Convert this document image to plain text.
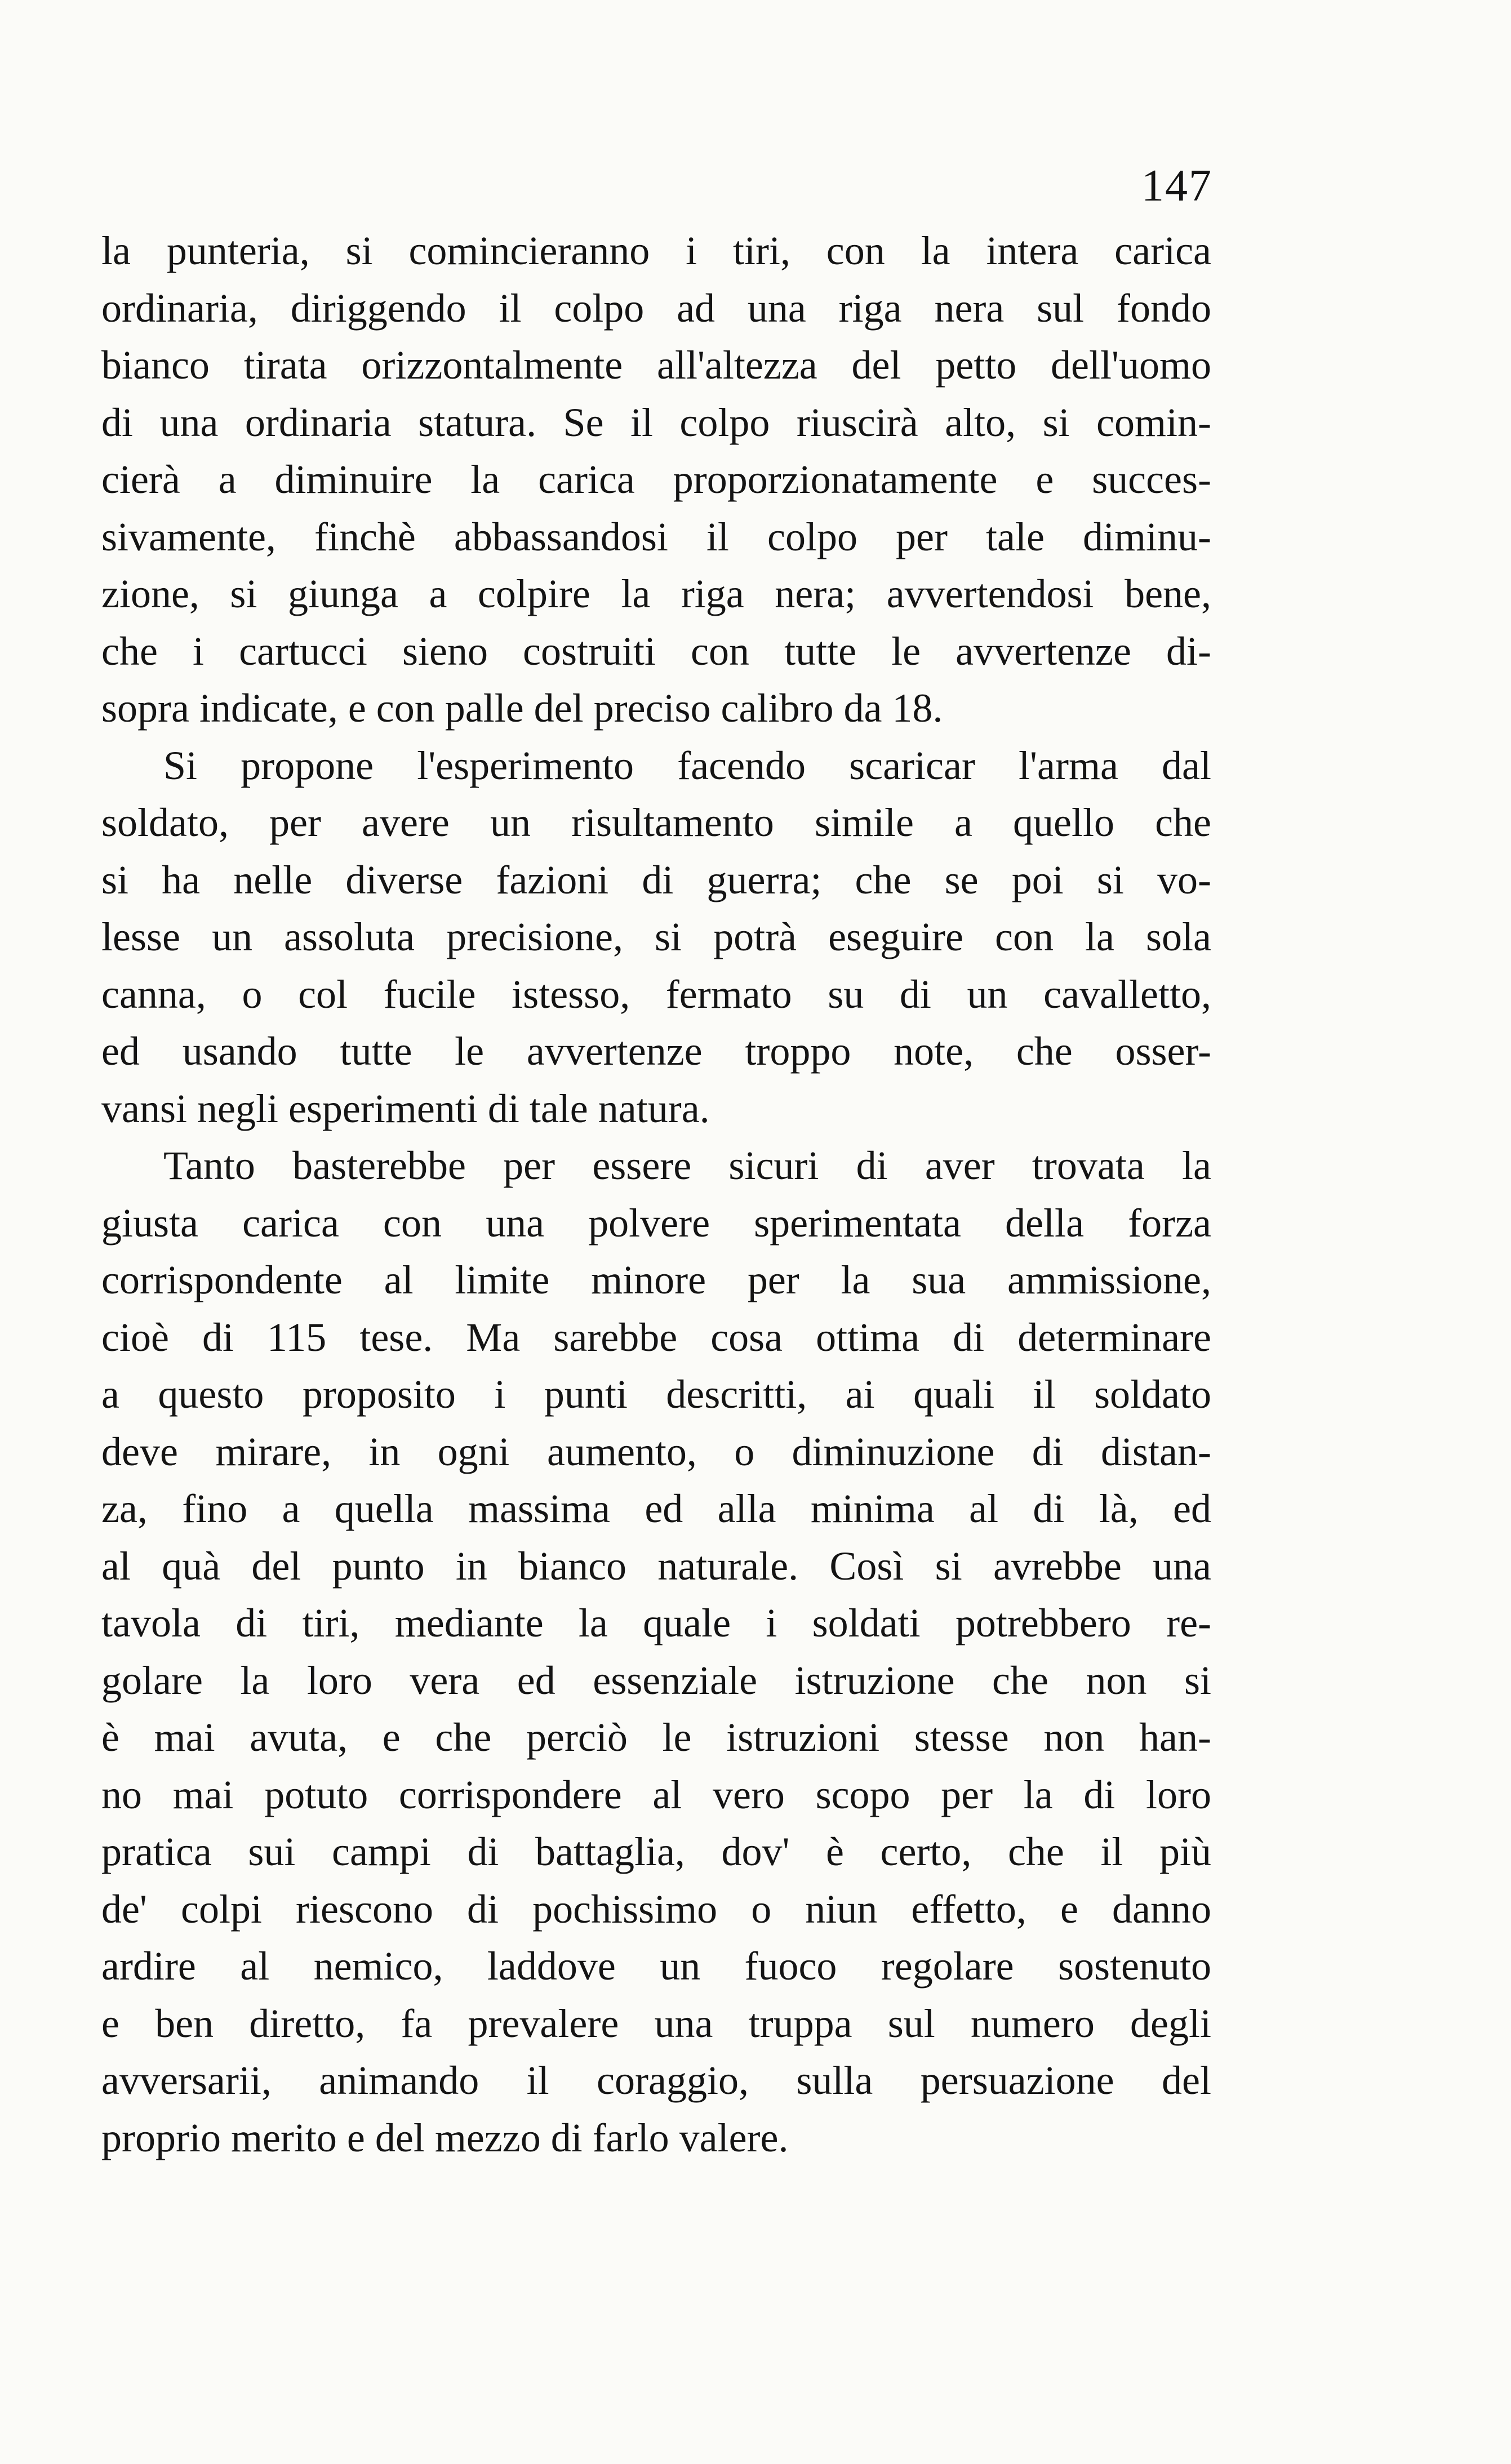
147
la punteria, si comincieranno i tiri, con la intera carica
ordinaria, diriggendo il colpo ad una riga nera sul fondo
bianco tirata orizzontalmente all'altezza del petto dell'uomo
di una ordinaria statura. Se il colpo riuscirà alto, si comin-
cierà a diminuire la carica proporzionatamente e succes-
sivamente, finchè abbassandosi il colpo per tale diminu-
zione, si giunga a colpire la riga nera; avvertendosi bene,
che i cartucci sieno costruiti con tutte le avvertenze di-
sopra indicate, e con palle del preciso calibro da 18.
Si propone l'esperimento facendo scaricar l'arma dal
soldato, per avere un risultamento simile a quello che
si ha nelle diverse fazioni di guerra; che se poi si vo-
lesse un assoluta precisione, si potrà eseguire con la sola
canna, o col fucile istesso, fermato su di un cavalletto,
ed usando tutte le avvertenze troppo note, che osser-
vansi negli esperimenti di tale natura.
Tanto basterebbe per essere sicuri di aver trovata la
giusta carica con una polvere sperimentata della forza
corrispondente al limite minore per la sua ammissione,
cioè di 115 tese. Ma sarebbe cosa ottima di determinare
a questo proposito i punti descritti, ai quali il soldato
deve mirare, in ogni aumento, o diminuzione di distan-
za, fino a quella massima ed alla minima al di là, ed
al quà del punto in bianco naturale. Così si avrebbe una
tavola di tiri, mediante la quale i soldati potrebbero re-
golare la loro vera ed essenziale istruzione che non si
è mai avuta, e che perciò le istruzioni stesse non han-
no mai potuto corrispondere al vero scopo per la di loro
pratica sui campi di battaglia, dov' è certo, che il più
de' colpi riescono di pochissimo o niun effetto, e danno
ardire al nemico, laddove un fuoco regolare sostenuto
e ben diretto, fa prevalere una truppa sul numero degli
avversarii, animando il coraggio, sulla persuazione del
proprio merito e del mezzo di farlo valere.
